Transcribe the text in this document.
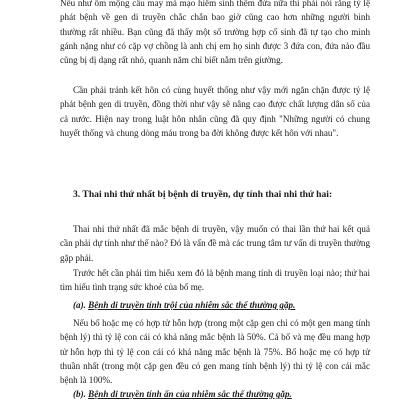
Nếu như ôm mộng cầu may mà mạo hiểm sinh thêm đứa nữa thì phải nói rằng tỷ lệ phát bệnh về gen di truyền chắc chắn bao giờ cũng cao hơn những người bình thường rất nhiều. Bạn cũng đã thấy một số trường hợp cố sinh đã tự tạo cho mình gánh nặng như có cặp vợ chồng là anh chị em họ sinh được 3 đứa con, đứa nào đầu cũng bị dị dạng rất nhỏ, quanh năm chỉ biết nằm trên giường.

Cần phải tránh kết hôn có cùng huyết thống như vậy mới ngăn chặn được tỷ lệ phát bệnh gen di truyền, đồng thời như vậy sẽ nâng cao được chất lượng dân số của cả nước. Hiện nay trong luật hôn nhân cũng đã quy định "Những người có chung huyết thống và chung dòng máu trong ba đời không được kết hôn với nhau".

3. Thai nhi thứ nhất bị bệnh di truyền, dự tính thai nhi thứ hai:

Thai nhi thứ nhất đã mắc bệnh di truyền, vậy muốn có thai lần thứ hai kết quả cần phải dự tính như thế nào? Đó là vấn đề mà các trung tâm tư vấn di truyền thường gặp phải.

Trước hết cần phải tìm hiểu xem đó là bệnh mang tính di truyền loại nào; thứ hai tìm hiểu tình trạng sức khoẻ của bố mẹ.

(a). Bệnh di truyền tính trội của nhiễm sắc thể thường gặp.

Nếu bố hoặc mẹ có hợp tử hỗn hợp (trong một cặp gen chỉ có một gen mang tính bệnh lý) thì tỷ lệ con cái có khả năng mắc bệnh là 50%. Cả bố và mẹ đều mang hợp tử hỗn hợp thì tỷ lệ con cái có khả năng mắc bệnh là 75%. Bố hoặc mẹ có hợp tử thuần nhất (trong một cặp gen đều có gen mang tính bệnh lý) thì tỷ lệ con cái mắc bệnh là 100%.

(b). Bệnh di truyền tính ẩn của nhiễm sắc thể thường gặp.
